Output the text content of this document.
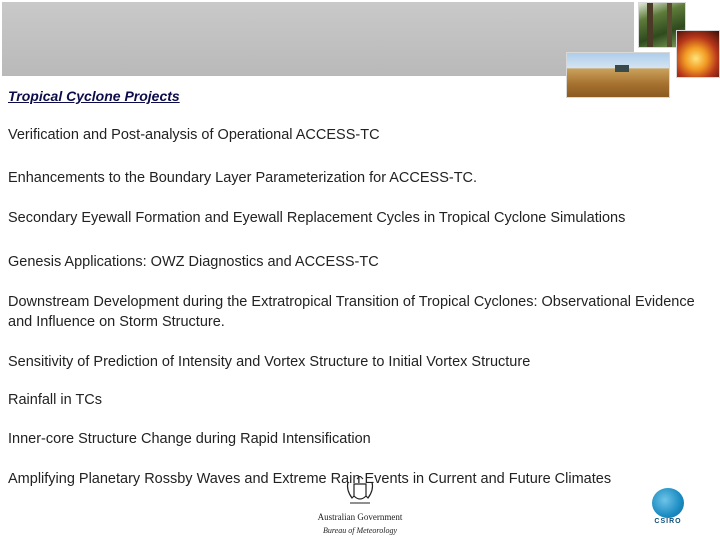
Tropical Cyclone Projects

Verification and Post-analysis of Operational ACCESS-TC

Enhancements to the Boundary Layer Parameterization for ACCESS-TC.

Secondary Eyewall Formation and Eyewall Replacement Cycles in Tropical Cyclone Simulations

Genesis Applications: OWZ Diagnostics and ACCESS-TC

Downstream Development during the Extratropical Transition of Tropical Cyclones: Observational Evidence and Influence on Storm Structure.

Sensitivity of Prediction of Intensity and Vortex Structure to Initial Vortex Structure

Rainfall in TCs

Inner-core Structure Change during Rapid Intensification

Amplifying Planetary Rossby Waves and Extreme Rain Events in Current and Future Climates

Australian Government
Bureau of Meteorology
CSIRO
